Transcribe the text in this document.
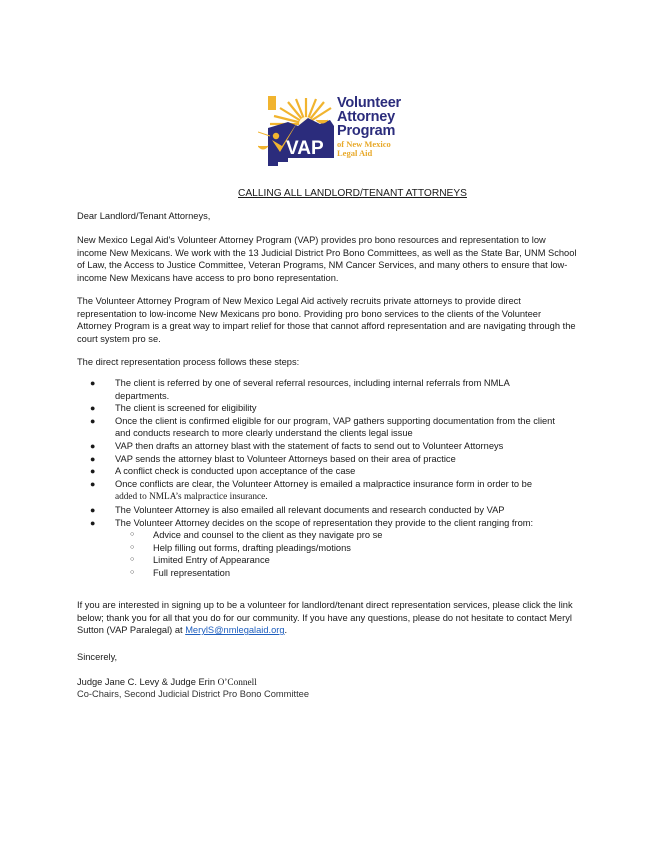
VAP
Volunteer
Attorney
Program
of New Mexico
Legal Aid
CALLING ALL LANDLORD/TENANT ATTORNEYS
Dear Landlord/Tenant Attorneys,
New Mexico Legal Aid's Volunteer Attorney Program (VAP) provides pro bono resources and representation to low income New Mexicans. We work with the 13 Judicial District Pro Bono Committees, as well as the State Bar, UNM School of Law, the Access to Justice Committee, Veteran Programs, NM Cancer Services, and many others to ensure that low-income New Mexicans have access to pro bono representation.
The Volunteer Attorney Program of New Mexico Legal Aid actively recruits private attorneys to provide direct representation to low-income New Mexicans pro bono. Providing pro bono services to the clients of the Volunteer Attorney Program is a great way to impart relief for those that cannot afford representation and are navigating through the court system pro se.
The direct representation process follows these steps:
● The client is referred by one of several referral resources, including internal referrals from NMLA departments.
● The client is screened for eligibility
● Once the client is confirmed eligible for our program, VAP gathers supporting documentation from the client and conducts research to more clearly understand the clients legal issue
● VAP then drafts an attorney blast with the statement of facts to send out to Volunteer Attorneys
● VAP sends the attorney blast to Volunteer Attorneys based on their area of practice
● A conflict check is conducted upon acceptance of the case
● Once conflicts are clear, the Volunteer Attorney is emailed a malpractice insurance form in order to be
added to NMLA’s malpractice insurance.
● The Volunteer Attorney is also emailed all relevant documents and research conducted by VAP
● The Volunteer Attorney decides on the scope of representation they provide to the client ranging from:
○ Advice and counsel to the client as they navigate pro se
○ Help filling out forms, drafting pleadings/motions
○ Limited Entry of Appearance
○ Full representation
If you are interested in signing up to be a volunteer for landlord/tenant direct representation services, please click the link below; thank you for all that you do for our community. If you have any questions, please do not hesitate to contact Meryl Sutton (VAP Paralegal) at MerylS@nmlegalaid.org.
Sincerely,
Judge Jane C. Levy & Judge Erin O’Connell
Co-Chairs, Second Judicial District Pro Bono Committee
